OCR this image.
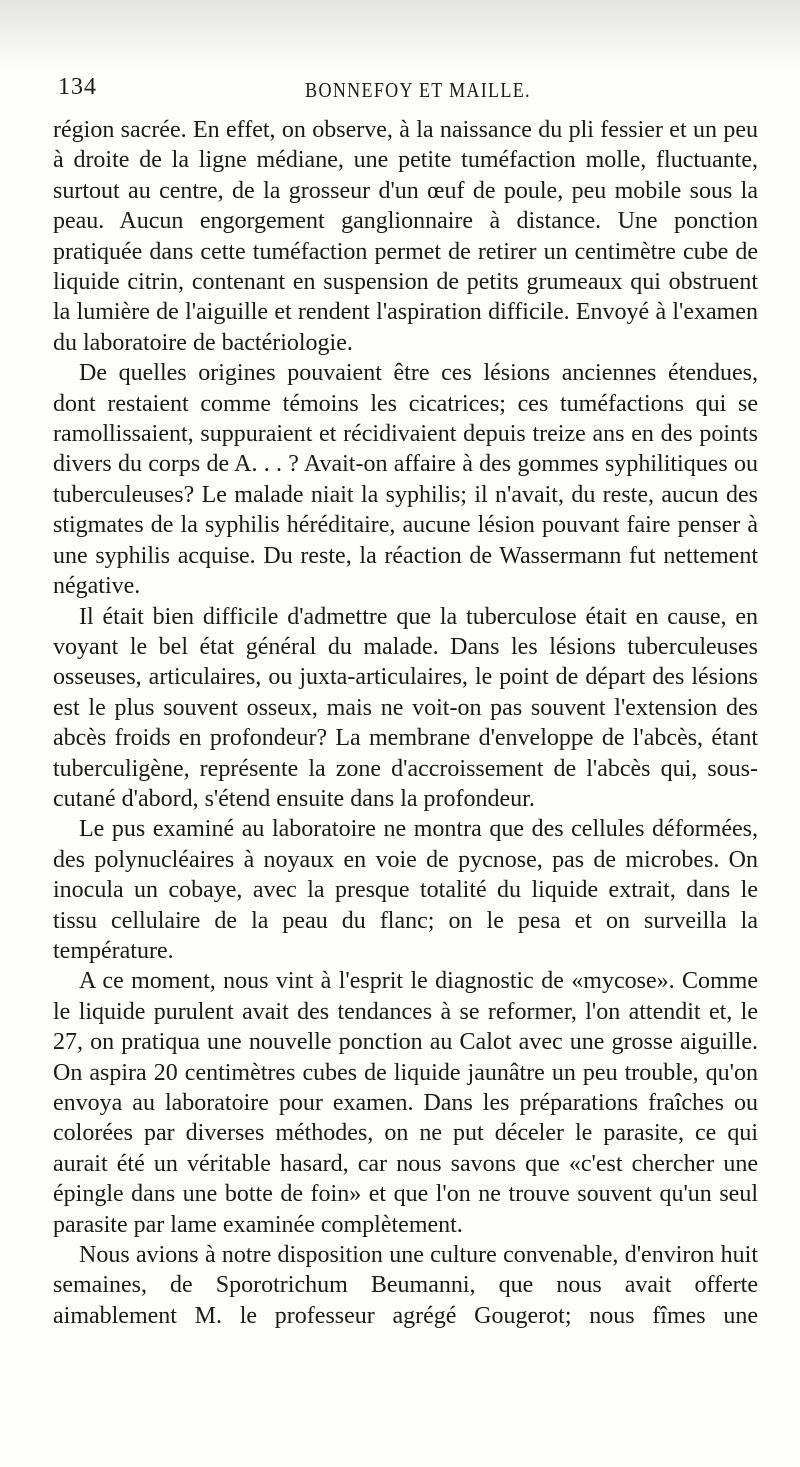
134	BONNEFOY ET MAILLE.

région sacrée. En effet, on observe, à la naissance du pli fessier et un peu à droite de la ligne médiane, une petite tuméfaction molle, fluctuante, surtout au centre, de la grosseur d'un œuf de poule, peu mobile sous la peau. Aucun engorgement ganglionnaire à distance. Une ponction pratiquée dans cette tuméfaction permet de retirer un centimètre cube de liquide citrin, contenant en suspension de petits grumeaux qui obstruent la lumière de l'aiguille et rendent l'aspiration difficile. Envoyé à l'examen du laboratoire de bactériologie.

De quelles origines pouvaient être ces lésions anciennes étendues, dont restaient comme témoins les cicatrices; ces tuméfactions qui se ramollissaient, suppuraient et récidivaient depuis treize ans en des points divers du corps de A. . . ? Avait-on affaire à des gommes syphilitiques ou tuberculeuses? Le malade niait la syphilis; il n'avait, du reste, aucun des stigmates de la syphilis héréditaire, aucune lésion pouvant faire penser à une syphilis acquise. Du reste, la réaction de Wassermann fut nettement négative.

Il était bien difficile d'admettre que la tuberculose était en cause, en voyant le bel état général du malade. Dans les lésions tuberculeuses osseuses, articulaires, ou juxta-articulaires, le point de départ des lésions est le plus souvent osseux, mais ne voit-on pas souvent l'extension des abcès froids en profondeur? La membrane d'enveloppe de l'abcès, étant tuberculigène, représente la zone d'accroissement de l'abcès qui, sous-cutané d'abord, s'étend ensuite dans la profondeur.

Le pus examiné au laboratoire ne montra que des cellules déformées, des polynucléaires à noyaux en voie de pycnose, pas de microbes. On inocula un cobaye, avec la presque totalité du liquide extrait, dans le tissu cellulaire de la peau du flanc; on le pesa et on surveilla la température.

A ce moment, nous vint à l'esprit le diagnostic de «mycose». Comme le liquide purulent avait des tendances à se reformer, l'on attendit et, le 27, on pratiqua une nouvelle ponction au Calot avec une grosse aiguille. On aspira 20 centimètres cubes de liquide jaunâtre un peu trouble, qu'on envoya au laboratoire pour examen. Dans les préparations fraîches ou colorées par diverses méthodes, on ne put déceler le parasite, ce qui aurait été un véritable hasard, car nous savons que «c'est chercher une épingle dans une botte de foin» et que l'on ne trouve souvent qu'un seul parasite par lame examinée complètement.

Nous avions à notre disposition une culture convenable, d'environ huit semaines, de Sporotrichum Beumanni, que nous avait offerte aimablement M. le professeur agrégé Gougerot; nous fîmes une
